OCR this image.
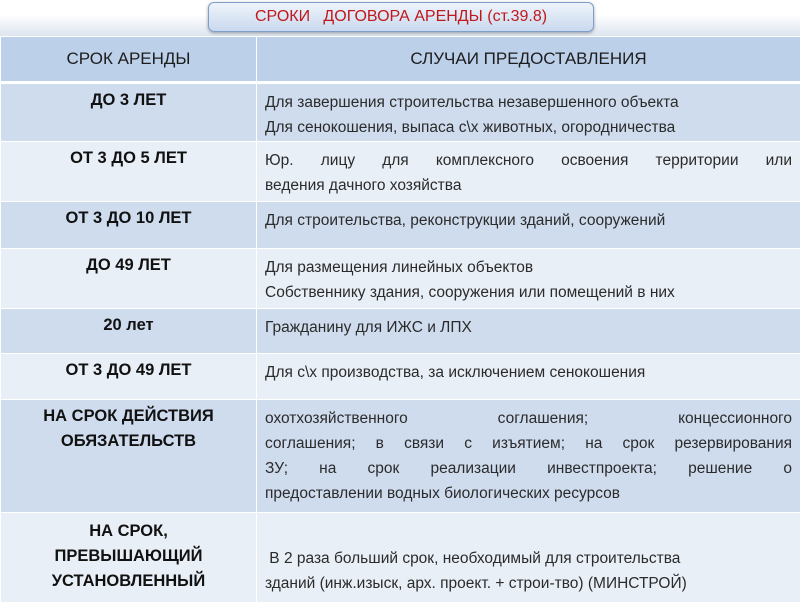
СРОКИ   ДОГОВОРА АРЕНДЫ (ст.39.8)
СРОК АРЕНДЫ	СЛУЧАИ ПРЕДОСТАВЛЕНИЯ

ДО 3 ЛЕТ	Для завершения строительства незавершенного объекта
Для сенокошения, выпаса с\х животных, огородничества

ОТ 3 ДО 5 ЛЕТ	Юр. лицу для комплексного освоения территории или
ведения дачного хозяйства

ОТ 3 ДО 10 ЛЕТ	Для строительства, реконструкции зданий, сооружений

ДО 49 ЛЕТ	Для размещения линейных объектов
Собственнику здания, сооружения или помещений в них

20 лет	Гражданину для ИЖС и ЛПХ

ОТ 3 ДО 49 ЛЕТ	Для с\х производства, за исключением сенокошения

НА СРОК ДЕЙСТВИЯ
ОБЯЗАТЕЛЬСТВ	охотхозяйственного соглашения; концессионного
соглашения; в связи с изъятием; на срок резервирования
ЗУ; на срок реализации инвестпроекта; решение о
предоставлении водных биологических ресурсов

НА СРОК,
ПРЕВЫШАЮЩИЙ
УСТАНОВЛЕННЫЙ	В 2 раза больший срок, необходимый для строительства
зданий (инж.изыск, арх. проект. + строи-тво) (МИНСТРОЙ)
